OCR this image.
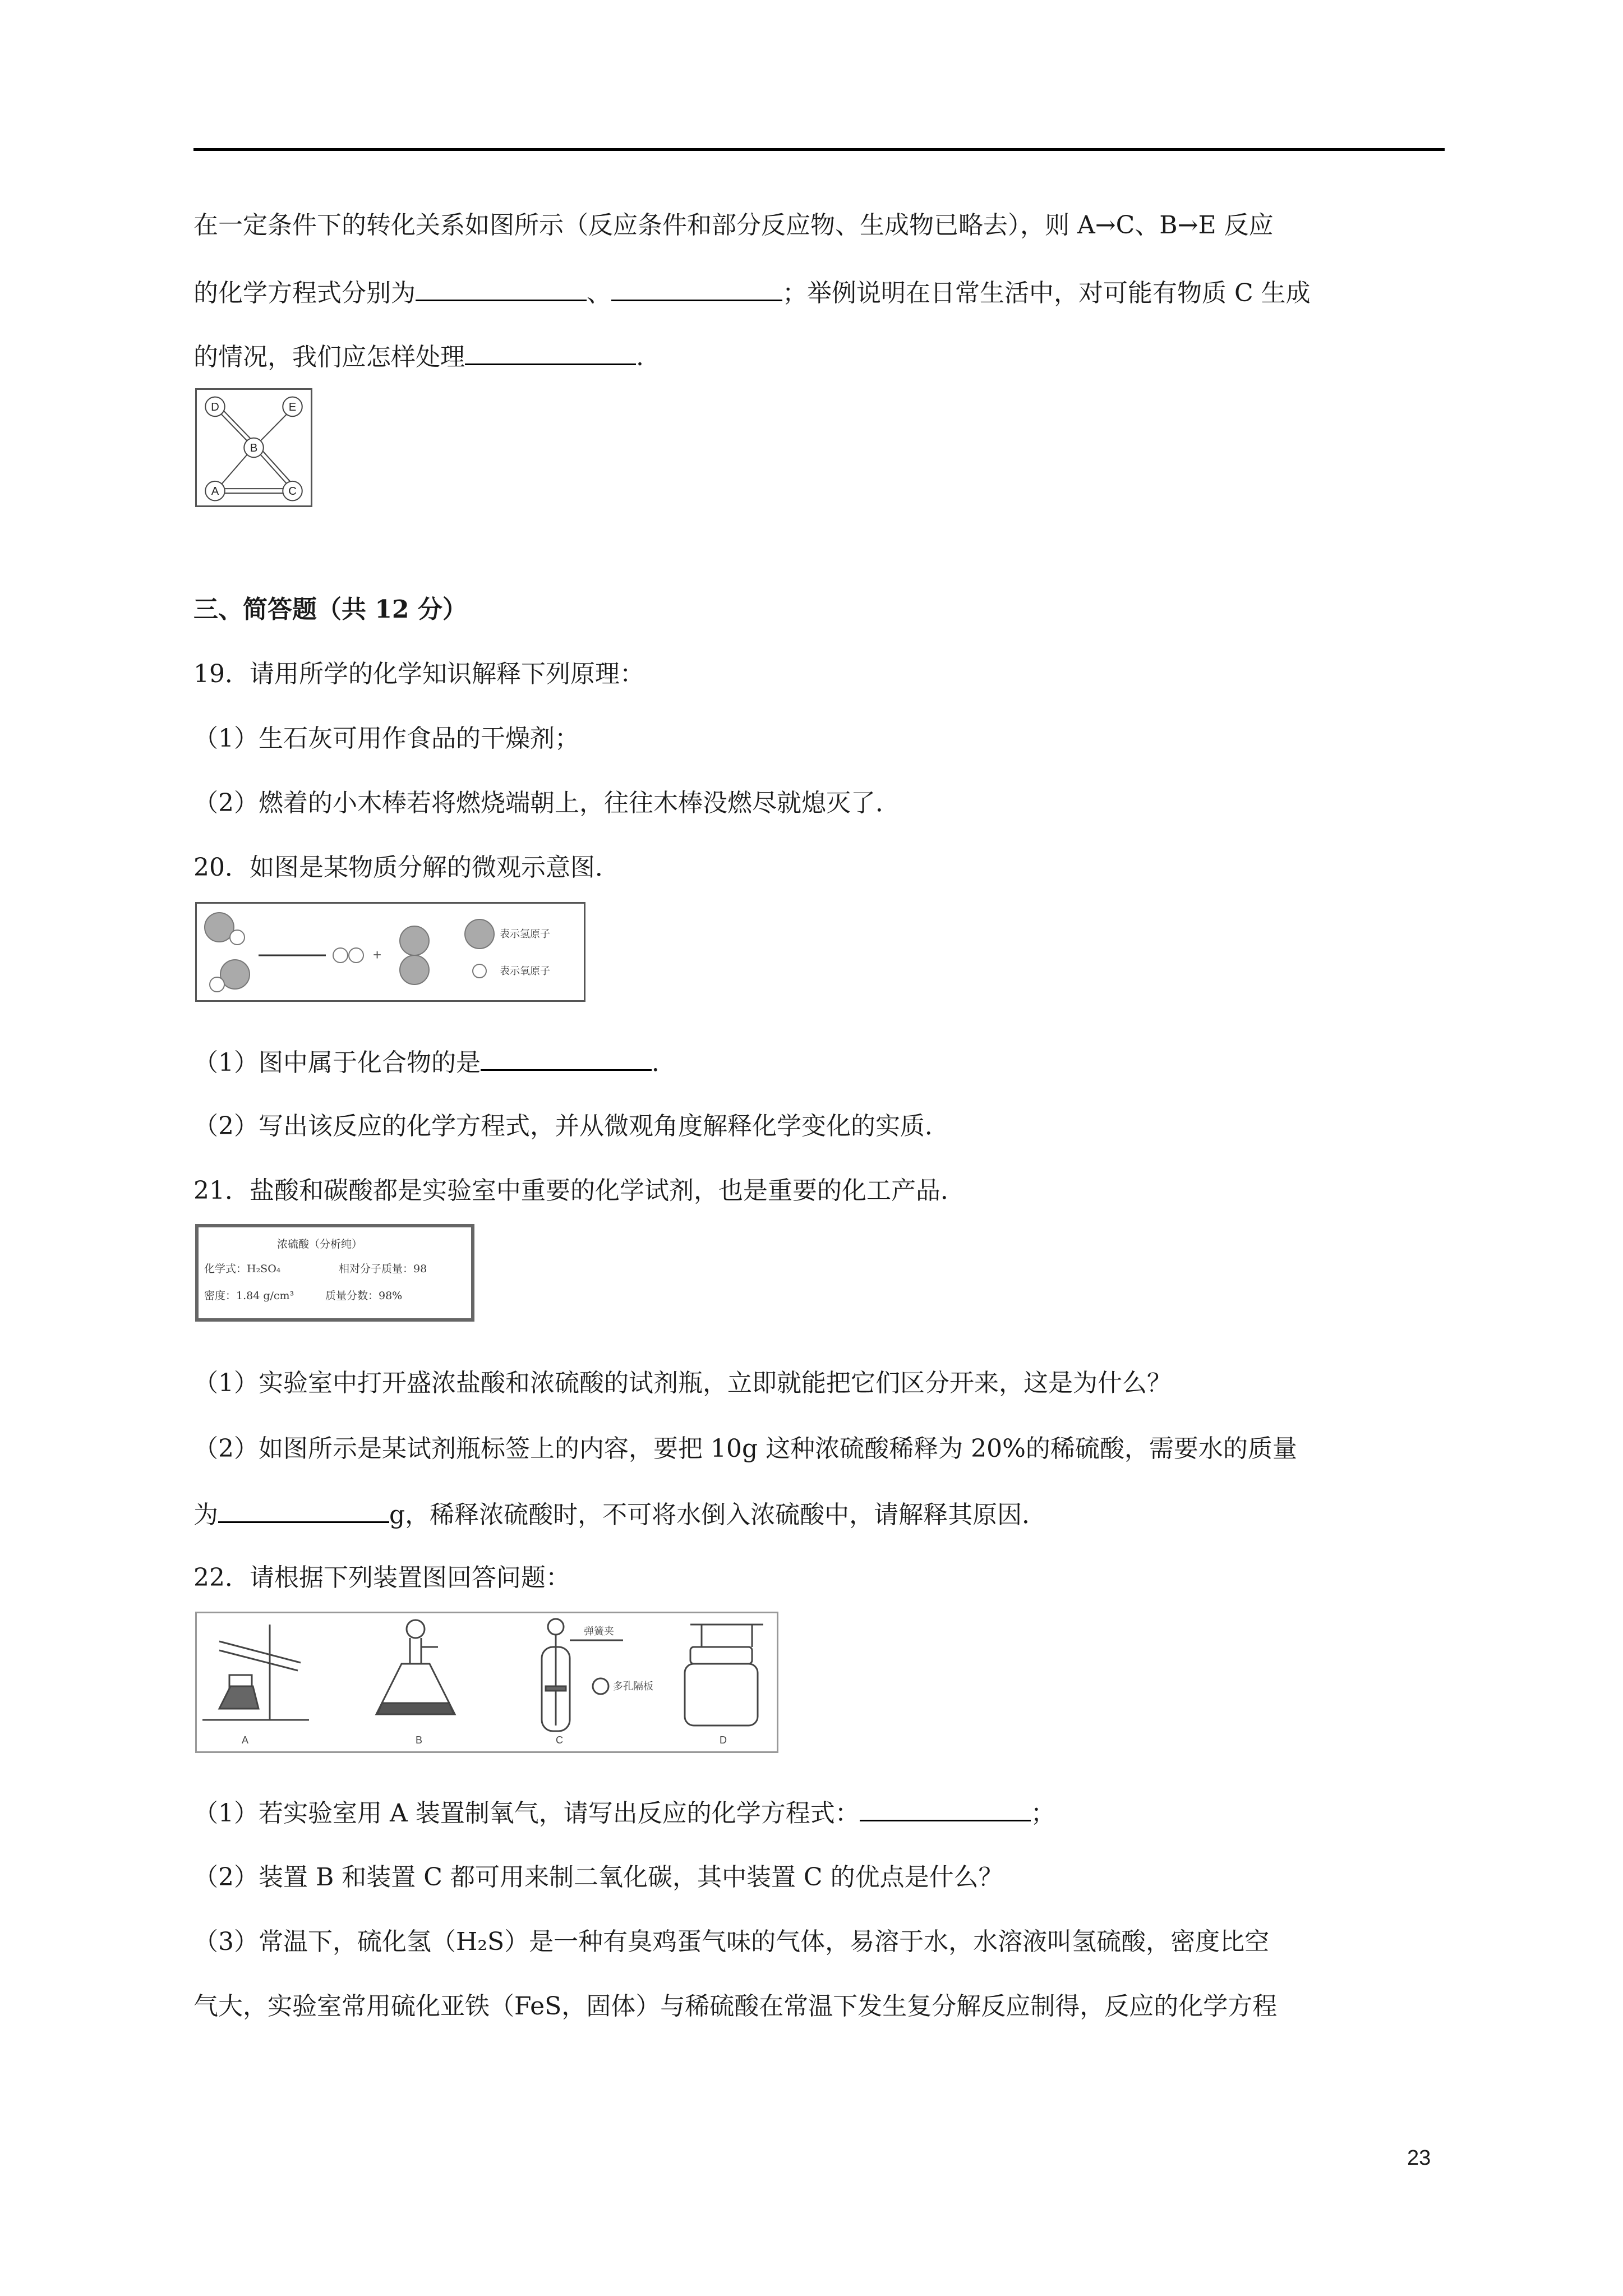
在一定条件下的转化关系如图所示（反应条件和部分反应物、生成物已略去），则 A→C、B→E 反应
的化学方程式分别为	、	；举例说明在日常生活中，对可能有物质 C 生成
的情况，我们应怎样处理	.
D	E
B
A	C
三、简答题（共 12 分）
19．请用所学的化学知识解释下列原理：
（1）生石灰可用作食品的干燥剂；
（2）燃着的小木棒若将燃烧端朝上，往往木棒没燃尽就熄灭了．
20．如图是某物质分解的微观示意图．
+
表示氢原子
表示氧原子
（1）图中属于化合物的是	．
（2）写出该反应的化学方程式，并从微观角度解释化学变化的实质．
21．盐酸和碳酸都是实验室中重要的化学试剂，也是重要的化工产品．
浓硫酸（分析纯）
化学式：H₂SO₄	相对分子质量：98
密度：1.84 g/cm³	质量分数：98%
（1）实验室中打开盛浓盐酸和浓硫酸的试剂瓶，立即就能把它们区分开来，这是为什么？
（2）如图所示是某试剂瓶标签上的内容，要把 10g 这种浓硫酸稀释为 20%的稀硫酸，需要水的质量
为	g，稀释浓硫酸时，不可将水倒入浓硫酸中，请解释其原因．
22．请根据下列装置图回答问题：
A	B	C	D
弹簧夹
多孔隔板
（1）若实验室用 A 装置制氧气，请写出反应的化学方程式：	；
（2）装置 B 和装置 C 都可用来制二氧化碳，其中装置 C 的优点是什么？
（3）常温下，硫化氢（H₂S）是一种有臭鸡蛋气味的气体，易溶于水，水溶液叫氢硫酸，密度比空
气大，实验室常用硫化亚铁（FeS，固体）与稀硫酸在常温下发生复分解反应制得，反应的化学方程
23
